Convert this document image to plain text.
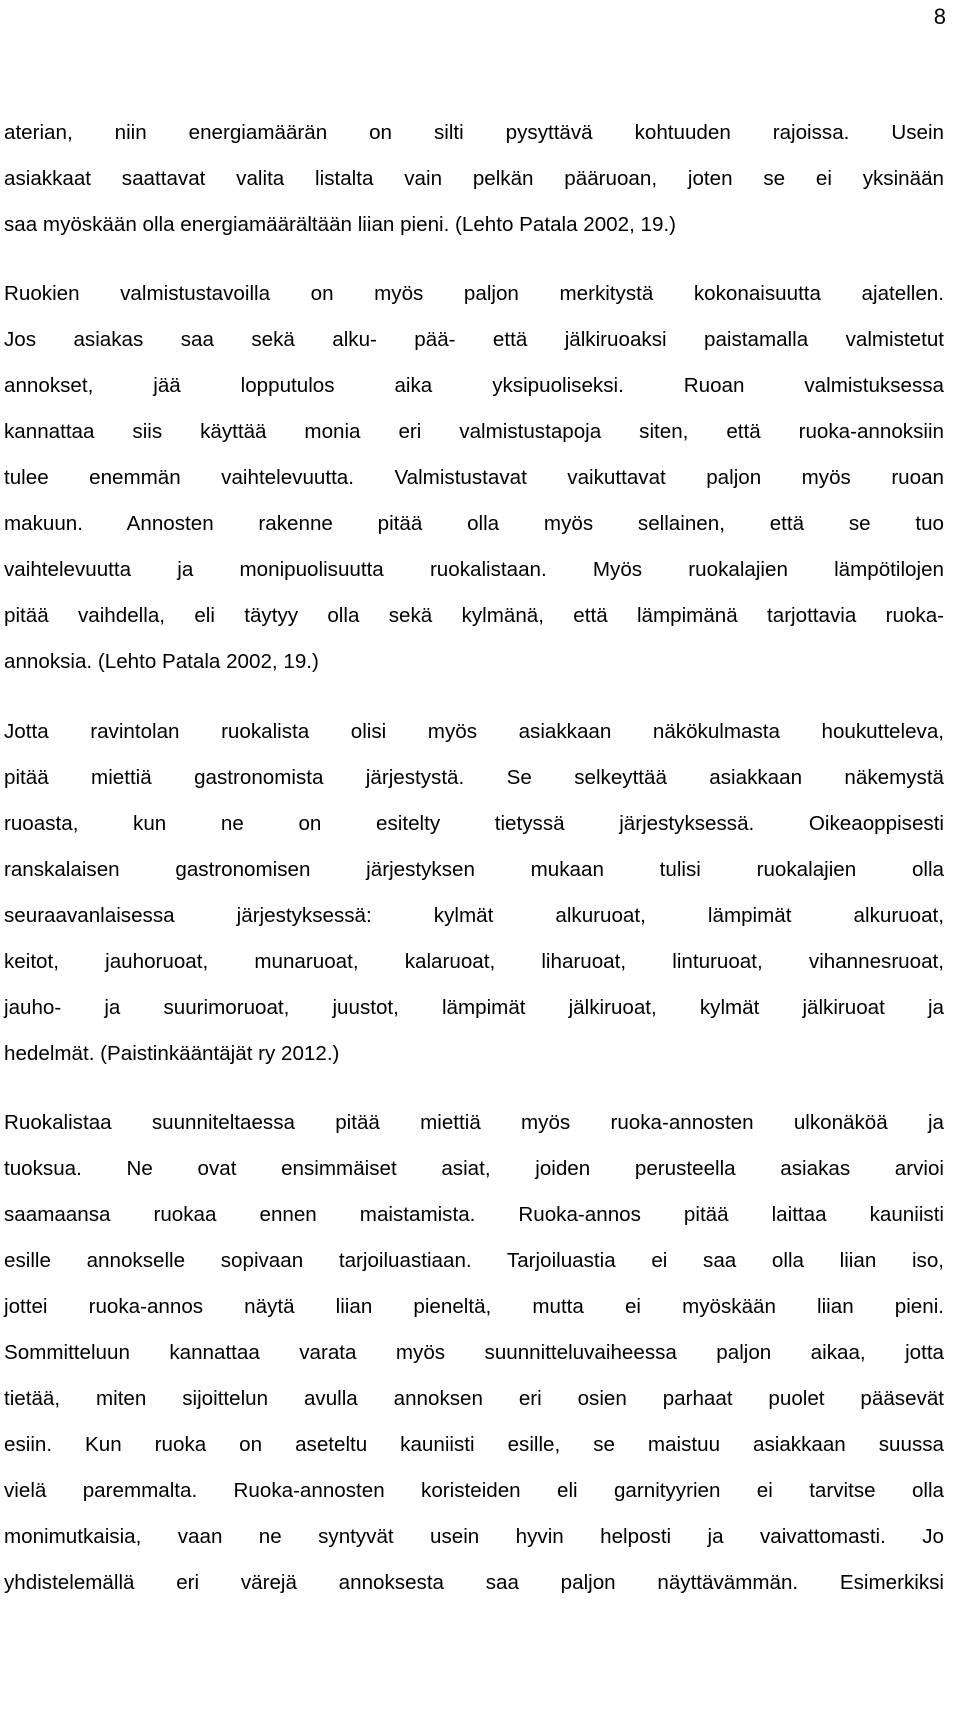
8
aterian, niin energiamäärän on silti pysyttävä kohtuuden rajoissa. Usein
asiakkaat saattavat valita listalta vain pelkän pääruoan, joten se ei yksinään
saa myöskään olla energiamäärältään liian pieni. (Lehto Patala 2002, 19.)
Ruokien valmistustavoilla on myös paljon merkitystä kokonaisuutta ajatellen.
Jos asiakas saa sekä alku- pää- että jälkiruoaksi paistamalla valmistetut
annokset, jää lopputulos aika yksipuoliseksi. Ruoan valmistuksessa
kannattaa siis käyttää monia eri valmistustapoja siten, että ruoka-annoksiin
tulee enemmän vaihtelevuutta. Valmistustavat vaikuttavat paljon myös ruoan
makuun. Annosten rakenne pitää olla myös sellainen, että se tuo
vaihtelevuutta ja monipuolisuutta ruokalistaan. Myös ruokalajien lämpötilojen
pitää vaihdella, eli täytyy olla sekä kylmänä, että lämpimänä tarjottavia ruoka-
annoksia. (Lehto Patala 2002, 19.)
Jotta ravintolan ruokalista olisi myös asiakkaan näkökulmasta houkutteleva,
pitää miettiä gastronomista järjestystä. Se selkeyttää asiakkaan näkemystä
ruoasta, kun ne on esitelty tietyssä järjestyksessä. Oikeaoppisesti
ranskalaisen gastronomisen järjestyksen mukaan tulisi ruokalajien olla
seuraavanlaisessa järjestyksessä: kylmät alkuruoat, lämpimät alkuruoat,
keitot, jauhoruoat, munaruoat, kalaruoat, liharuoat, linturuoat, vihannesruoat,
jauho- ja suurimoruoat, juustot, lämpimät jälkiruoat, kylmät jälkiruoat ja
hedelmät. (Paistinkääntäjät ry 2012.)
Ruokalistaa suunniteltaessa pitää miettiä myös ruoka-annosten ulkonäköä ja
tuoksua. Ne ovat ensimmäiset asiat, joiden perusteella asiakas arvioi
saamaansa ruokaa ennen maistamista. Ruoka-annos pitää laittaa kauniisti
esille annokselle sopivaan tarjoiluastiaan. Tarjoiluastia ei saa olla liian iso,
jottei ruoka-annos näytä liian pieneltä, mutta ei myöskään liian pieni.
Sommitteluun kannattaa varata myös suunnitteluvaiheessa paljon aikaa, jotta
tietää, miten sijoittelun avulla annoksen eri osien parhaat puolet pääsevät
esiin. Kun ruoka on aseteltu kauniisti esille, se maistuu asiakkaan suussa
vielä paremmalta. Ruoka-annosten koristeiden eli garnityyrien ei tarvitse olla
monimutkaisia, vaan ne syntyvät usein hyvin helposti ja vaivattomasti. Jo
yhdistelemällä eri värejä annoksesta saa paljon näyttävämmän. Esimerkiksi
